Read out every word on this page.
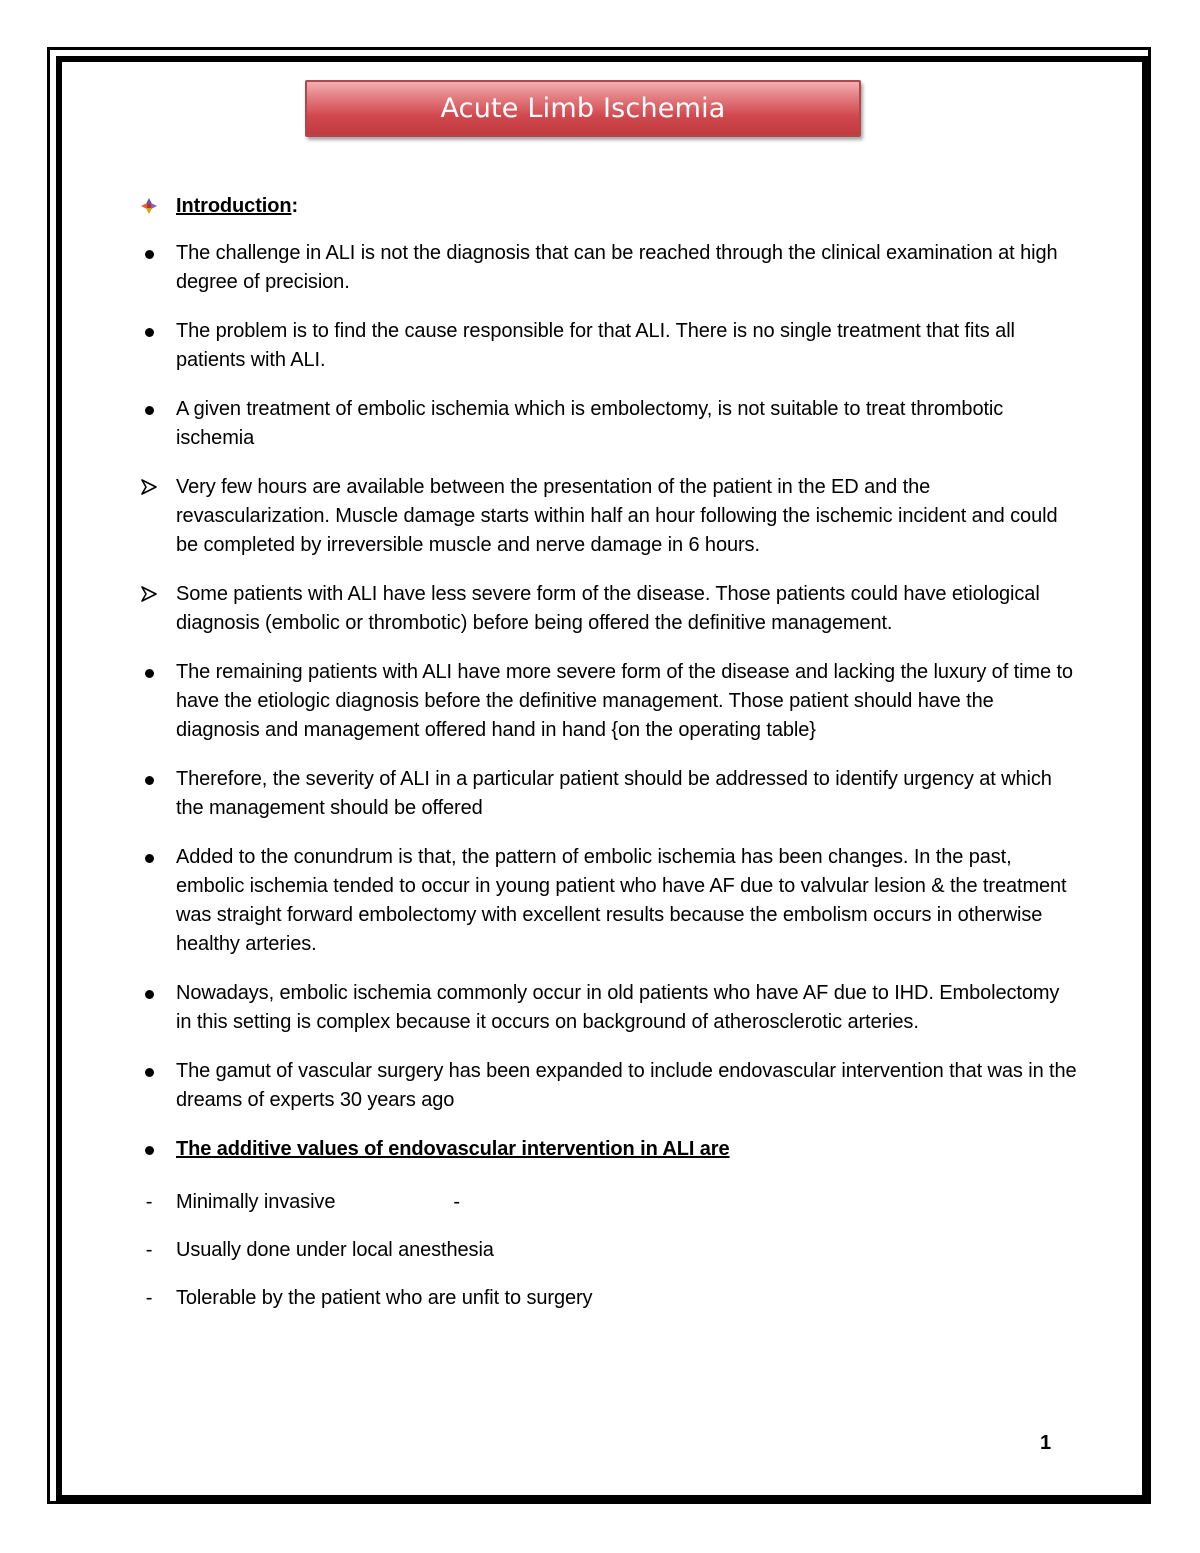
Acute Limb Ischemia
Introduction:
The challenge in ALI is not the diagnosis that can be reached through the clinical examination at high degree of precision.
The problem is to find the cause responsible for that ALI. There is no single treatment that fits all patients with ALI.
A given treatment of embolic ischemia which is embolectomy, is not suitable to treat thrombotic ischemia
Very few hours are available between the presentation of the patient in the ED and the revascularization. Muscle damage starts within half an hour following the ischemic incident and could be completed by irreversible muscle and nerve damage in 6 hours.
Some patients with ALI have less severe form of the disease. Those patients could have etiological diagnosis (embolic or thrombotic) before being offered the definitive management.
The remaining patients with ALI have more severe form of the disease and lacking the luxury of time to have the etiologic diagnosis before the definitive management. Those patient should have the diagnosis and management offered hand in hand {on the operating table}
Therefore, the severity of ALI in a particular patient should be addressed to identify urgency at which the management should be offered
Added to the conundrum is that, the pattern of embolic ischemia has been changes. In the past, embolic ischemia tended to occur in young patient who have AF due to valvular lesion & the treatment was straight forward embolectomy with excellent results because the embolism occurs in otherwise healthy arteries.
Nowadays, embolic ischemia commonly occur in old patients who have AF due to IHD. Embolectomy in this setting is complex because it occurs on background of atherosclerotic arteries.
The gamut of vascular surgery has been expanded to include endovascular intervention that was in the dreams of experts 30 years ago
The additive values of endovascular intervention in ALI are
-	Minimally invasive	-
-	Usually done under local anesthesia
-	Tolerable by the patient who are unfit to surgery
1
